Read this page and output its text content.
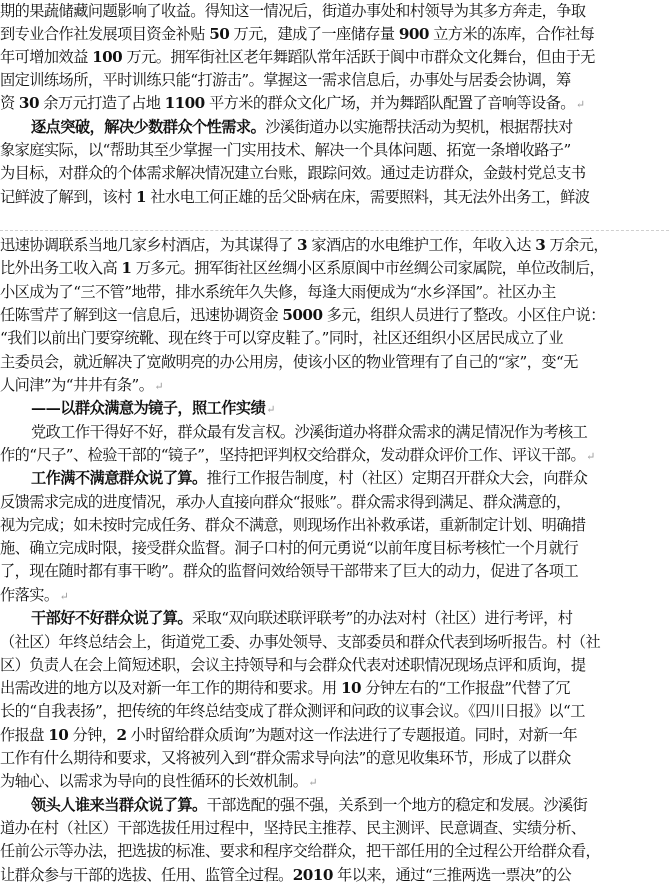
期的果蔬储藏问题影响了收益。得知这一情况后，街道办事处和村领导为其多方奔走，争取
到专业合作社发展项目资金补贴 50 万元，建成了一座储存量 900 立方米的冻库，合作社每
年可增加效益 100 万元。拥军街社区老年舞蹈队常年活跃于阆中市群众文化舞台，但由于无
固定训练场所，平时训练只能“打游击”。掌握这一需求信息后，办事处与居委会协调，筹
资 30 余万元打造了占地 1100 平方米的群众文化广场，并为舞蹈队配置了音响等设备。↵
逐点突破，解决少数群众个性需求。沙溪街道办以实施帮扶活动为契机，根据帮扶对
象家庭实际，以“帮助其至少掌握一门实用技术、解决一个具体问题、拓宽一条增收路子”
为目标，对群众的个体需求解决情况建立台账，跟踪问效。通过走访群众，金鼓村党总支书
记鲜波了解到，该村 1 社水电工何正雄的岳父卧病在床，需要照料，其无法外出务工，鲜波
迅速协调联系当地几家乡村酒店，为其谋得了 3 家酒店的水电维护工作，年收入达 3 万余元，
比外出务工收入高 1 万多元。拥军街社区丝绸小区系原阆中市丝绸公司家属院，单位改制后，
小区成为了“三不管”地带，排水系统年久失修，每逢大雨便成为“水乡泽国”。社区办主
任陈雪芹了解到这一信息后，迅速协调资金 5000 多元，组织人员进行了整改。小区住户说：
“我们以前出门要穿统靴、现在终于可以穿皮鞋了。”同时，社区还组织小区居民成立了业
主委员会，就近解决了宽敞明亮的办公用房，使该小区的物业管理有了自己的“家”，变“无
人问津”为“井井有条”。↵
——以群众满意为镜子，照工作实绩↵
党政工作干得好不好，群众最有发言权。沙溪街道办将群众需求的满足情况作为考核工
作的“尺子”、检验干部的“镜子”，坚持把评判权交给群众，发动群众评价工作、评议干部。↵
工作满不满意群众说了算。推行工作报告制度，村（社区）定期召开群众大会，向群众
反馈需求完成的进度情况，承办人直接向群众“报账”。群众需求得到满足、群众满意的，
视为完成；如未按时完成任务、群众不满意，则现场作出补救承诺，重新制定计划、明确措
施、确立完成时限，接受群众监督。洞子口村的何元勇说“以前年度目标考核忙一个月就行
了，现在随时都有事干哟”。群众的监督问效给领导干部带来了巨大的动力，促进了各项工
作落实。↵
干部好不好群众说了算。采取“双向联述联评联考”的办法对村（社区）进行考评，村
（社区）年终总结会上，街道党工委、办事处领导、支部委员和群众代表到场听报告。村（社
区）负责人在会上简短述职，会议主持领导和与会群众代表对述职情况现场点评和质询，提
出需改进的地方以及对新一年工作的期待和要求。用 10 分钟左右的“工作报盘”代替了冗
长的“自我表扬”，把传统的年终总结变成了群众测评和问政的议事会议。《四川日报》以“工
作报盘 10 分钟，2 小时留给群众质询”为题对这一作法进行了专题报道。同时，对新一年
工作有什么期待和要求，又将被列入到“群众需求导向法”的意见收集环节，形成了以群众
为轴心、以需求为导向的良性循环的长效机制。↵
领头人谁来当群众说了算。干部选配的强不强，关系到一个地方的稳定和发展。沙溪街
道办在村（社区）干部选拔任用过程中，坚持民主推荐、民主测评、民意调查、实绩分析、
任前公示等办法，把选拔的标准、要求和程序交给群众，把干部任用的全过程公开给群众看，
让群众参与干部的选拔、任用、监管全过程。2010 年以来，通过“三推两选一票决”的公
